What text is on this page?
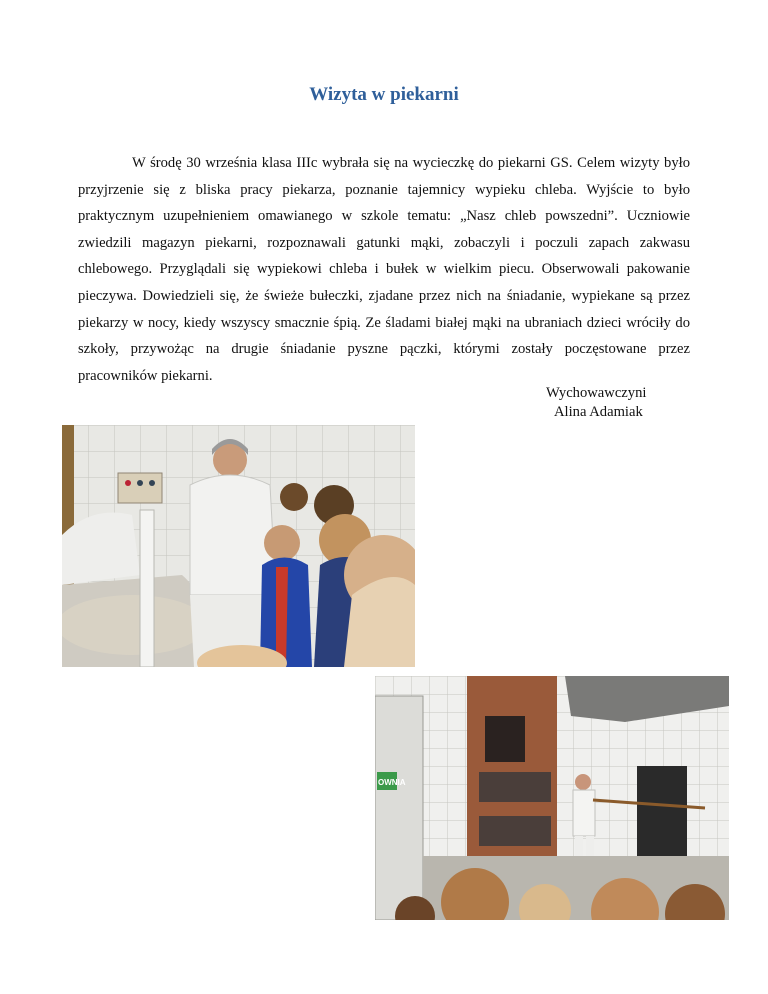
Wizyta w piekarni

W środę 30 września klasa IIIc wybrała się na wycieczkę do piekarni GS. Celem wizyty było przyjrzenie się z bliska pracy piekarza, poznanie tajemnicy wypieku chleba. Wyjście to było praktycznym uzupełnieniem omawianego w szkole tematu: „Nasz chleb powszedni”. Uczniowie zwiedzili magazyn piekarni, rozpoznawali gatunki mąki, zobaczyli i poczuli zapach zakwasu chlebowego. Przyglądali się wypiekowi chleba i bułek w wielkim piecu. Obserwowali pakowanie pieczywa. Dowiedzieli się, że świeże bułeczki, zjadane przez nich na śniadanie, wypiekane są przez piekarzy w nocy, kiedy wszyscy smacznie śpią. Ze śladami białej mąki na ubraniach dzieci wróciły do szkoły, przywożąc na drugie śniadanie pyszne pączki, którymi zostały poczęstowane przez pracowników piekarni.

Wychowawczyni
Alina Adamiak
OWNIA
